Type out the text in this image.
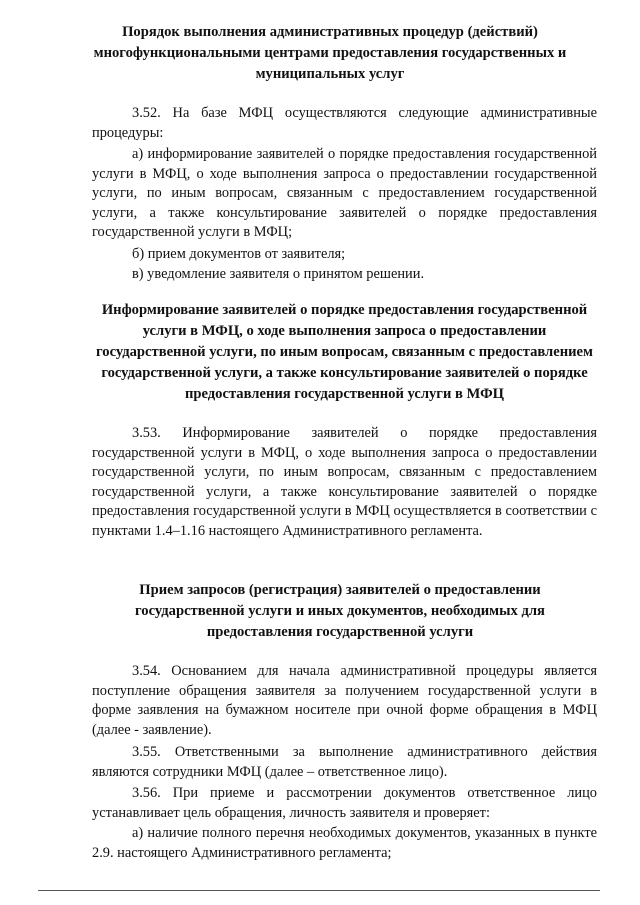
Порядок выполнения административных процедур (действий) многофункциональными центрами предоставления государственных и муниципальных услуг

3.52. На базе МФЦ осуществляются следующие административные процедуры:

а) информирование заявителей о порядке предоставления государственной услуги в МФЦ, о ходе выполнения запроса о предоставлении государственной услуги, по иным вопросам, связанным с предоставлением государственной услуги, а также консультирование заявителей о порядке предоставления государственной услуги в МФЦ;

б) прием документов от заявителя;

в) уведомление заявителя о принятом решении.

Информирование заявителей о порядке предоставления государственной услуги в МФЦ, о ходе выполнения запроса о предоставлении государственной услуги, по иным вопросам, связанным с предоставлением государственной услуги, а также консультирование заявителей о порядке предоставления государственной услуги в МФЦ

3.53. Информирование заявителей о порядке предоставления государственной услуги в МФЦ, о ходе выполнения запроса о предоставлении государственной услуги, по иным вопросам, связанным с предоставлением государственной услуги, а также консультирование заявителей о порядке предоставления государственной услуги в МФЦ осуществляется в соответствии с пунктами 1.4–1.16 настоящего Административного регламента.

Прием запросов (регистрация) заявителей о предоставлении государственной услуги и иных документов, необходимых для предоставления государственной услуги

3.54. Основанием для начала административной процедуры является поступление обращения заявителя за получением государственной услуги в форме заявления на бумажном носителе при очной форме обращения в МФЦ (далее - заявление).

3.55. Ответственными за выполнение административного действия являются сотрудники МФЦ (далее – ответственное лицо).

3.56. При приеме и рассмотрении документов ответственное лицо устанавливает цель обращения, личность заявителя и проверяет:

а) наличие полного перечня необходимых документов, указанных в пункте 2.9. настоящего Административного регламента;
